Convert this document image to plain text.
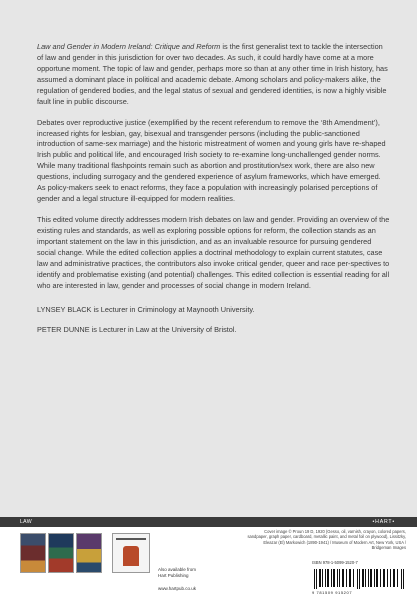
Law and Gender in Modern Ireland: Critique and Reform is the first generalist text to tackle the intersection of law and gender in this jurisdiction for over two decades. As such, it could hardly have come at a more opportune moment. The topic of law and gender, perhaps more so than at any other time in Irish history, has assumed a dominant place in political and academic debate. Among scholars and policy-makers alike, the regulation of gendered bodies, and the legal status of sexual and gendered identities, is now a highly visible fault line in public discourse.

Debates over reproductive justice (exemplified by the recent referendum to remove the ‘8th Amendment’), increased rights for lesbian, gay, bisexual and transgender persons (including the public-sanctioned introduction of same-sex marriage) and the historic mistreatment of women and young girls have re-shaped Irish public and political life, and encouraged Irish society to re-examine long-unchallenged gender norms. While many traditional flashpoints remain such as abortion and prostitution/sex work, there are also new questions, including surrogacy and the gendered experience of asylum frameworks, which have emerged. As policy-makers seek to enact reforms, they face a population with increasingly polarised perceptions of gender and a legal structure ill-equipped for modern realities.

This edited volume directly addresses modern Irish debates on law and gender. Providing an overview of the existing rules and standards, as well as exploring possible options for reform, the collection stands as an important statement on the law in this jurisdiction, and as an invaluable resource for pursuing gendered social change. While the edited collection applies a doctrinal methodology to explain current statutes, case law and administrative practices, the contributors also invoke critical gender, queer and race per-spectives to identify and problematise existing (and potential) challenges. This edited collection is essential reading for all who are interested in law, gender and processes of social change in modern Ireland.

LYNSEY BLACK is Lecturer in Criminology at Maynooth University.

PETER DUNNE is Lecturer in Law at the University of Bristol.

LAW	•HART•
Also available from
Hart Publishing
www.hartpub.co.uk
Cover image © Proun 19 D, 1920 (Gesso, oil, varnish, crayon, colored papers, sandpaper, graph paper, cardboard, metallic paint, and metal foil on plywood), Lissitzky, Eleazar (El) Markowich (1890-1941) / Museum of Modern Art, New York, USA / Bridgeman Images
ISBN 978-1-5099-1520-7
9 781509 915207
